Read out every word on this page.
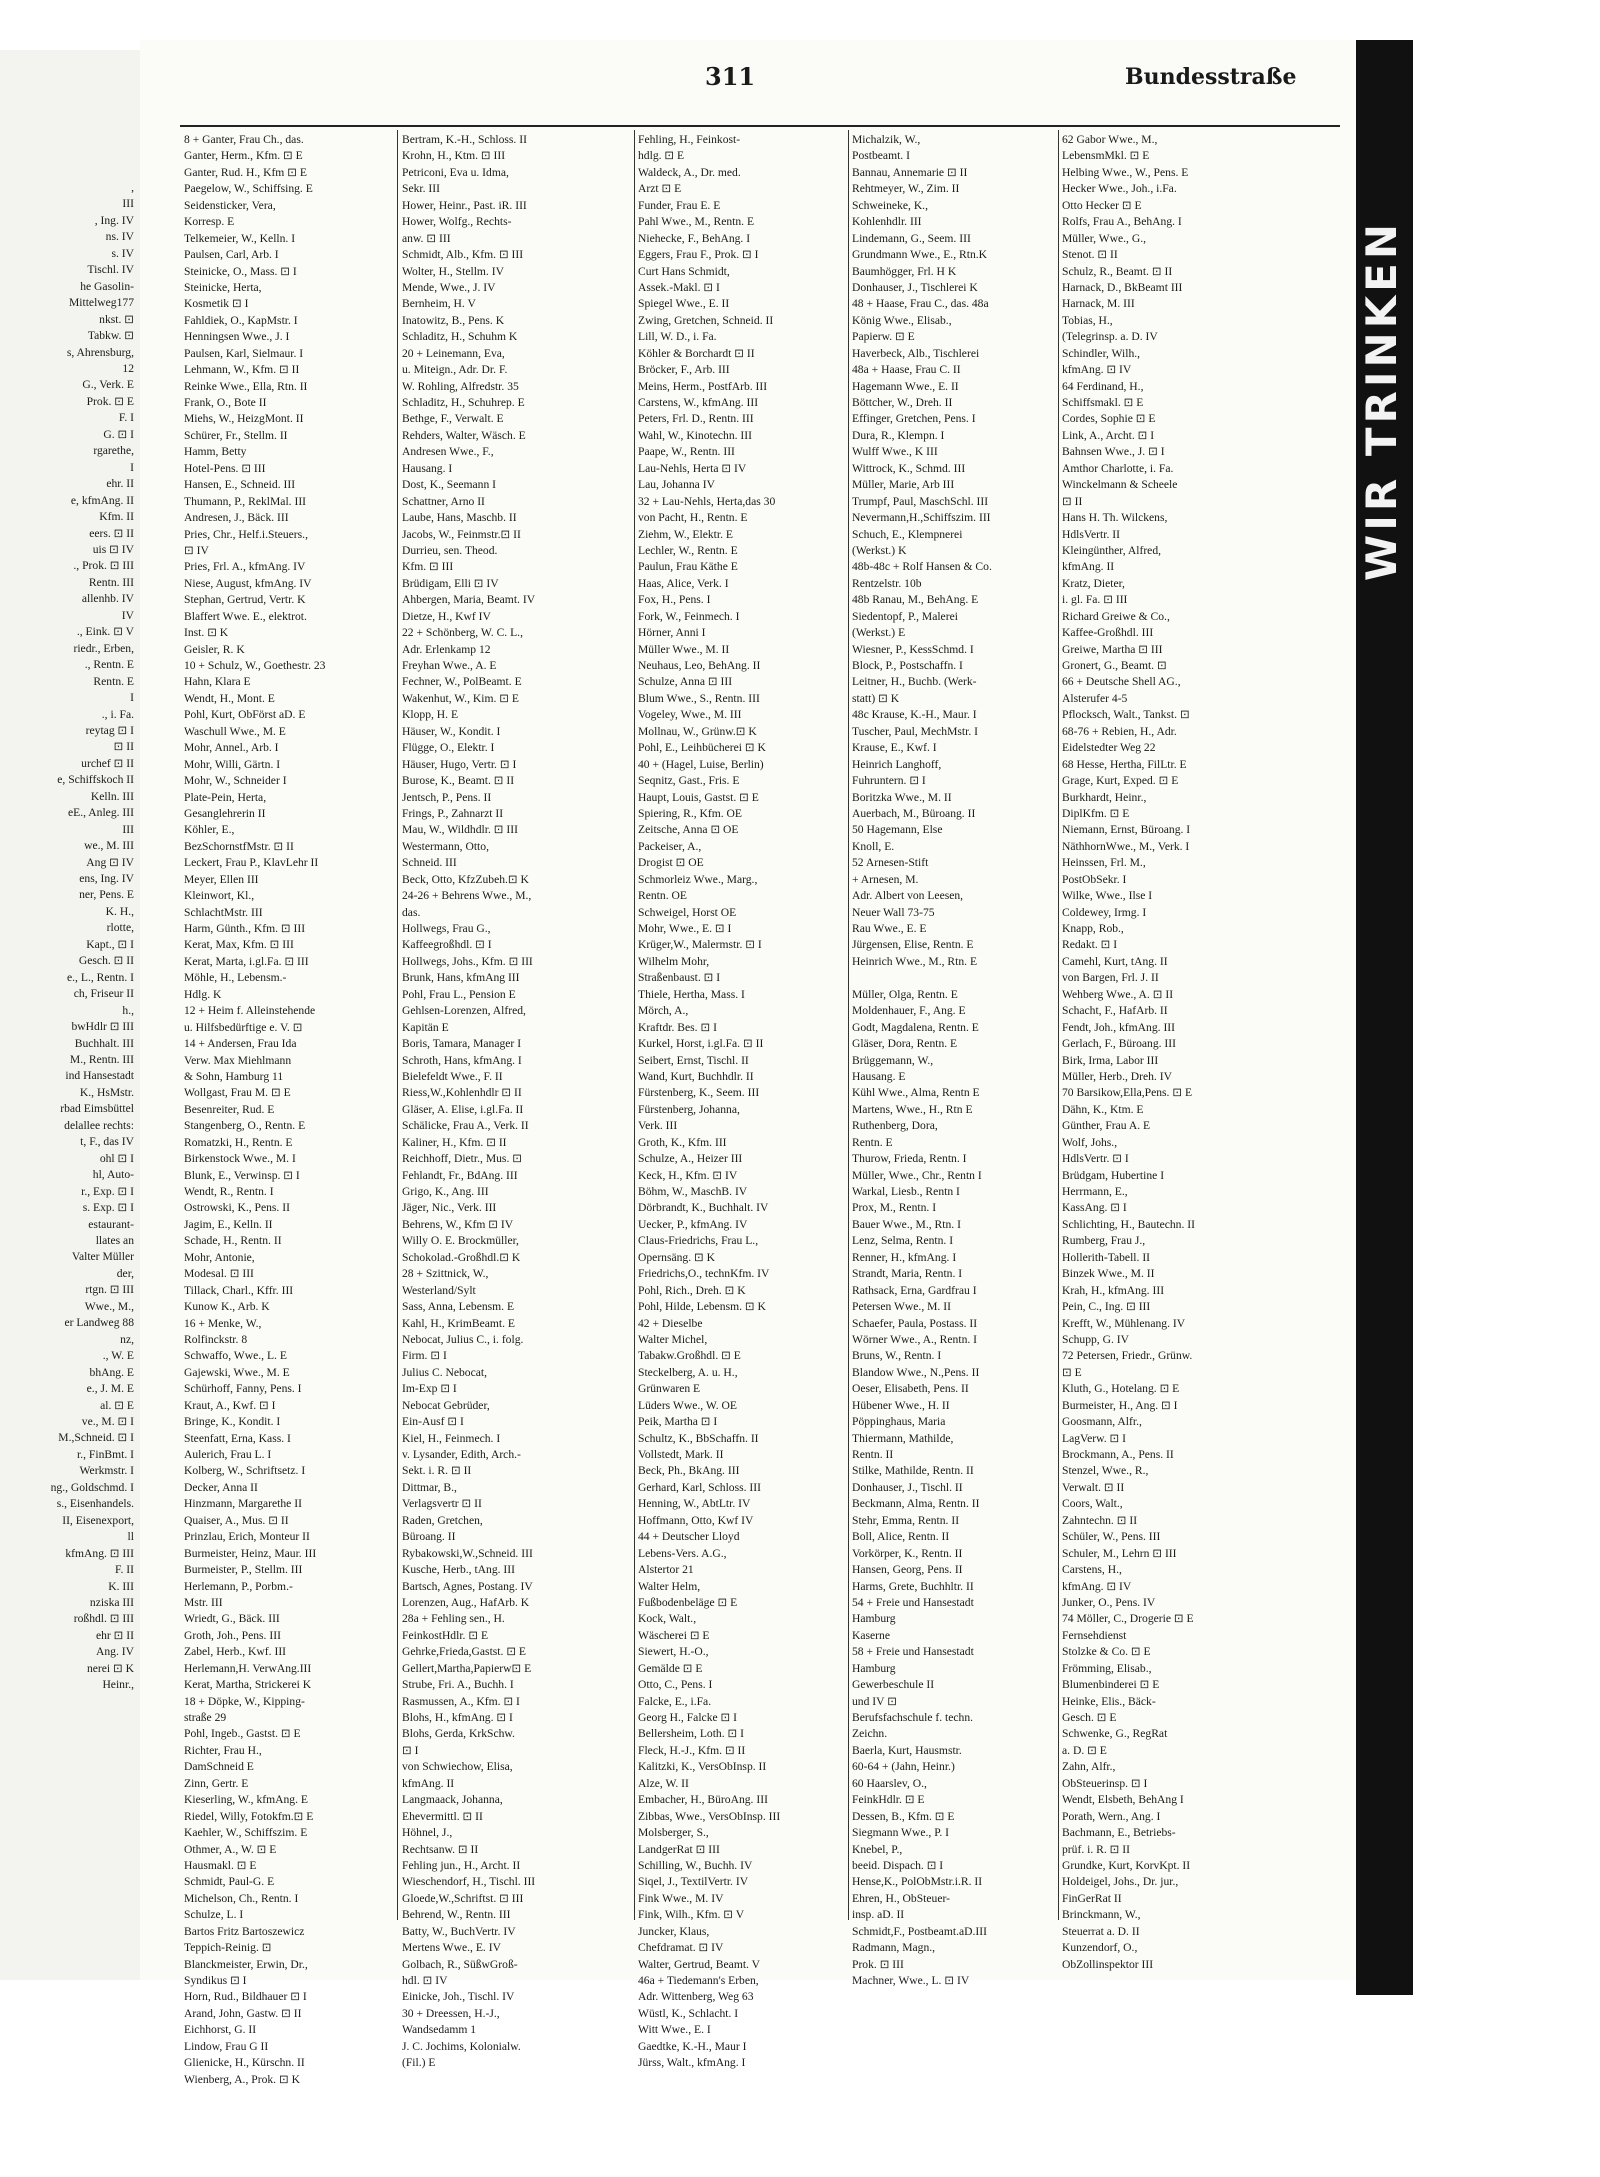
,
III
, Ing. IV
ns. IV
s. IV
Tischl. IV
he Gasolin-
Mittelweg177
nkst. ⊡
Tabkw. ⊡
s, Ahrensburg,
12
G., Verk. E
Prok. ⊡ E
F. I
G. ⊡ I
rgarethe,
I
ehr. II
e, kfmAng. II
Kfm. II
eers. ⊡ II
uis ⊡ IV
., Prok. ⊡ III
Rentn. III
allenhb. IV
IV
., Eink. ⊡ V
riedr., Erben,
., Rentn. E
Rentn. E
I
., i. Fa.
reytag ⊡ I
⊡ II
urchef ⊡ II
e, Schiffskoch II
Kelln. III
eE., Anleg. III
III
we., M. III
Ang ⊡ IV
ens, Ing. IV
ner, Pens. E
K. H.,
rlotte,
Kapt., ⊡ I
Gesch. ⊡ II
e., L., Rentn. I
ch, Friseur II
h.,
bwHdlr ⊡ III
Buchhalt. III
M., Rentn. III
ind Hansestadt
K., HsMstr.
rbad Eimsbüttel
delallee rechts:
t, F., das IV
ohl ⊡ I
hl, Auto-
r., Exp. ⊡ I
s. Exp. ⊡ I
estaurant-
llates an
Valter Müller
der,
rtgn. ⊡ III
Wwe., M.,
er Landweg 88
nz,
., W. E
bhAng. E
e., J. M. E
al. ⊡ E
ve., M. ⊡ I
M.,Schneid. ⊡ I
r., FinBmt. I
Werkmstr. I
ng., Goldschmd. I
s., Eisenhandels.
II, Eisenexport,
ll
kfmAng. ⊡ III
F. II
K. III
nziska III
roßhdl. ⊡ III
ehr ⊡ II
Ang. IV
nerei ⊡ K
Heinr.,
WIR TRINKEN
311	Bundesstraße
8 + Ganter, Frau Ch., das.
Ganter, Herm., Kfm. ⊡ E
Ganter, Rud. H., Kfm ⊡ E
Paegelow, W., Schiffsing. E
Seidensticker, Vera,
Korresp. E
Telkemeier, W., Kelln. I
Paulsen, Carl, Arb. I
Steinicke, O., Mass. ⊡ I
Steinicke, Herta,
Kosmetik ⊡ I
Fahldiek, O., KapMstr. I
Henningsen Wwe., J. I
Paulsen, Karl, Sielmaur. I
Lehmann, W., Kfm. ⊡ II
Reinke Wwe., Ella, Rtn. II
Frank, O., Bote II
Miehs, W., HeizgMont. II
Schürer, Fr., Stellm. II
Hamm, Betty
Hotel-Pens. ⊡ III
Hansen, E., Schneid. III
Thumann, P., ReklMal. III
Andresen, J., Bäck. III
Pries, Chr., Helf.i.Steuers.,
⊡ IV
Pries, Frl. A., kfmAng. IV
Niese, August, kfmAng. IV
Stephan, Gertrud, Vertr. K
Blaffert Wwe. E., elektrot.
Inst. ⊡ K
Geisler, R. K
10 + Schulz, W., Goethestr. 23
Hahn, Klara E
Wendt, H., Mont. E
Pohl, Kurt, ObFörst aD. E
Waschull Wwe., M. E
Mohr, Annel., Arb. I
Mohr, Willi, Gärtn. I
Mohr, W., Schneider I
Plate-Pein, Herta,
Gesanglehrerin II
Köhler, E.,
BezSchornstfMstr. ⊡ II
Leckert, Frau P., KlavLehr II
Meyer, Ellen III
Kleinwort, Kl.,
SchlachtMstr. III
Harm, Günth., Kfm. ⊡ III
Kerat, Max, Kfm. ⊡ III
Kerat, Marta, i.gl.Fa. ⊡ III
Möhle, H., Lebensm.-
Hdlg. K
12 + Heim f. Alleinstehende
u. Hilfsbedürftige e. V. ⊡
14 + Andersen, Frau Ida
Verw. Max Miehlmann
& Sohn, Hamburg 11
Wollgast, Frau M. ⊡ E
Besenreiter, Rud. E
Stangenberg, O., Rentn. E
Romatzki, H., Rentn. E
Birkenstock Wwe., M. I
Blunk, E., Verwinsp. ⊡ I
Wendt, R., Rentn. I
Ostrowski, K., Pens. II
Jagim, E., Kelln. II
Schade, H., Rentn. II
Mohr, Antonie,
Modesal. ⊡ III
Tillack, Charl., Kffr. III
Kunow K., Arb. K
16 + Menke, W.,
Rolfinckstr. 8
Schwaffo, Wwe., L. E
Gajewski, Wwe., M. E
Schürhoff, Fanny, Pens. I
Kraut, A., Kwf. ⊡ I
Bringe, K., Kondit. I
Steenfatt, Erna, Kass. I
Aulerich, Frau L. I
Kolberg, W., Schriftsetz. I
Decker, Anna II
Hinzmann, Margarethe II
Quaiser, A., Mus. ⊡ II
Prinzlau, Erich, Monteur II
Burmeister, Heinz, Maur. III
Burmeister, P., Stellm. III
Herlemann, P., Porbm.-
Mstr. III
Wriedt, G., Bäck. III
Groth, Joh., Pens. III
Zabel, Herb., Kwf. III
Herlemann,H. VerwAng.III
Kerat, Martha, Strickerei K
18 + Döpke, W., Kipping-
straße 29
Pohl, Ingeb., Gastst. ⊡ E
Richter, Frau H.,
DamSchneid E
Zinn, Gertr. E
Kieserling, W., kfmAng. E
Riedel, Willy, Fotokfm.⊡ E
Kaehler, W., Schiffszim. E
Othmer, A., W. ⊡ E
Hausmakl. ⊡ E
Schmidt, Paul-G. E
Michelson, Ch., Rentn. I
Schulze, L. I
Bartos Fritz Bartoszewicz
Teppich-Reinig. ⊡
Blanckmeister, Erwin, Dr.,
Syndikus ⊡ I
Horn, Rud., Bildhauer ⊡ I
Arand, John, Gastw. ⊡ II
Eichhorst, G. II
Lindow, Frau G II
Glienicke, H., Kürschn. II
Wienberg, A., Prok. ⊡ K
Bertram, K.-H., Schloss. II
Krohn, H., Ktm. ⊡ III
Petriconi, Eva u. Idma,
Sekr. III
Hower, Heinr., Past. iR. III
Hower, Wolfg., Rechts-
anw. ⊡ III
Schmidt, Alb., Kfm. ⊡ III
Wolter, H., Stellm. IV
Mende, Wwe., J. IV
Bernheim, H. V
Inatowitz, B., Pens. K
Schladitz, H., Schuhm K
20 + Leinemann, Eva,
u. Miteign., Adr. Dr. F.
W. Rohling, Alfredstr. 35
Schladitz, H., Schuhrep. E
Bethge, F., Verwalt. E
Rehders, Walter, Wäsch. E
Andresen Wwe., F.,
Hausang. I
Dost, K., Seemann I
Schattner, Arno II
Laube, Hans, Maschb. II
Jacobs, W., Feinmstr.⊡ II
Durrieu, sen. Theod.
Kfm. ⊡ III
Brüdigam, Elli ⊡ IV
Ahbergen, Maria, Beamt. IV
Dietze, H., Kwf IV
22 + Schönberg, W. C. L.,
Adr. Erlenkamp 12
Freyhan Wwe., A. E
Fechner, W., PolBeamt. E
Wakenhut, W., Kim. ⊡ E
Klopp, H. E
Häuser, W., Kondit. I
Flügge, O., Elektr. I
Häuser, Hugo, Vertr. ⊡ I
Burose, K., Beamt. ⊡ II
Jentsch, P., Pens. II
Frings, P., Zahnarzt II
Mau, W., Wildhdlr. ⊡ III
Westermann, Otto,
Schneid. III
Beck, Otto, KfzZubeh.⊡ K
24-26 + Behrens Wwe., M.,
das.
Hollwegs, Frau G.,
Kaffeegroßhdl. ⊡ I
Hollwegs, Johs., Kfm. ⊡ III
Brunk, Hans, kfmAng III
Pohl, Frau L., Pension E
Gehlsen-Lorenzen, Alfred,
Kapitän E
Boris, Tamara, Manager I
Schroth, Hans, kfmAng. I
Bielefeldt Wwe., F. II
Riess,W.,Kohlenhdlr ⊡ II
Gläser, A. Elise, i.gl.Fa. II
Schälicke, Frau A., Verk. II
Kaliner, H., Kfm. ⊡ II
Reichhoff, Dietr., Mus. ⊡
Fehlandt, Fr., BdAng. III
Grigo, K., Ang. III
Jäger, Nic., Verk. III
Behrens, W., Kfm ⊡ IV
Willy O. E. Brockmüller,
Schokolad.-Großhdl.⊡ K
28 + Szittnick, W.,
Westerland/Sylt
Sass, Anna, Lebensm. E
Kahl, H., KrimBeamt. E
Nebocat, Julius C., i. folg.
Firm. ⊡ I
Julius C. Nebocat,
Im-Exp ⊡ I
Nebocat Gebrüder,
Ein-Ausf ⊡ I
Kiel, H., Feinmech. I
v. Lysander, Edith, Arch.-
Sekt. i. R. ⊡ II
Dittmar, B.,
Verlagsvertr ⊡ II
Raden, Gretchen,
Büroang. II
Rybakowski,W.,Schneid. III
Kusche, Herb., tAng. III
Bartsch, Agnes, Postang. IV
Lorenzen, Aug., HafArb. K
28a + Fehling sen., H.
FeinkostHdlr. ⊡ E
Gehrke,Frieda,Gastst. ⊡ E
Gellert,Martha,Papierw⊡ E
Strube, Fri. A., Buchh. I
Rasmussen, A., Kfm. ⊡ I
Blohs, H., kfmAng. ⊡ I
Blohs, Gerda, KrkSchw.
⊡ I
von Schwiechow, Elisa,
kfmAng. II
Langmaack, Johanna,
Ehevermittl. ⊡ II
Höhnel, J.,
Rechtsanw. ⊡ II
Fehling jun., H., Archt. II
Wieschendorf, H., Tischl. III
Gloede,W.,Schriftst. ⊡ III
Behrend, W., Rentn. III
Batty, W., BuchVertr. IV
Mertens Wwe., E. IV
Golbach, R., SüßwGroß-
hdl. ⊡ IV
Einicke, Joh., Tischl. IV
30 + Dreessen, H.-J.,
Wandsedamm 1
J. C. Jochims, Kolonialw.
(Fil.) E
Fehling, H., Feinkost-
hdlg. ⊡ E
Waldeck, A., Dr. med.
Arzt ⊡ E
Funder, Frau E. E
Pahl Wwe., M., Rentn. E
Niehecke, F., BehAng. I
Eggers, Frau F., Prok. ⊡ I
Curt Hans Schmidt,
Assek.-Makl. ⊡ I
Spiegel Wwe., E. II
Zwing, Gretchen, Schneid. II
Lill, W. D., i. Fa.
Köhler & Borchardt ⊡ II
Bröcker, F., Arb. III
Meins, Herm., PostfArb. III
Carstens, W., kfmAng. III
Peters, Frl. D., Rentn. III
Wahl, W., Kinotechn. III
Paape, W., Rentn. III
Lau-Nehls, Herta ⊡ IV
Lau, Johanna IV
32 + Lau-Nehls, Herta,das 30
von Pacht, H., Rentn. E
Ziehm, W., Elektr. E
Lechler, W., Rentn. E
Paulun, Frau Käthe E
Haas, Alice, Verk. I
Fox, H., Pens. I
Fork, W., Feinmech. I
Hörner, Anni I
Müller Wwe., M. II
Neuhaus, Leo, BehAng. II
Schulze, Anna ⊡ III
Blum Wwe., S., Rentn. III
Vogeley, Wwe., M. III
Mollnau, W., Grünw.⊡ K
Pohl, E., Leihbücherei ⊡ K
40 + (Hagel, Luise, Berlin)
Seqnitz, Gast., Fris. E
Haupt, Louis, Gastst. ⊡ E
Spiering, R., Kfm. OE
Zeitsche, Anna ⊡ OE
Packeiser, A.,
Drogist ⊡ OE
Schmorleiz Wwe., Marg.,
Rentn. OE
Schweigel, Horst OE
Mohr, Wwe., E. ⊡ I
Krüger,W., Malermstr. ⊡ I
Wilhelm Mohr,
Straßenbaust. ⊡ I
Thiele, Hertha, Mass. I
Mörch, A.,
Kraftdr. Bes. ⊡ I
Kurkel, Horst, i.gl.Fa. ⊡ II
Seibert, Ernst, Tischl. II
Wand, Kurt, Buchhdlr. II
Fürstenberg, K., Seem. III
Fürstenberg, Johanna,
Verk. III
Groth, K., Kfm. III
Schulze, A., Heizer III
Keck, H., Kfm. ⊡ IV
Böhm, W., MaschB. IV
Dörbrandt, K., Buchhalt. IV
Uecker, P., kfmAng. IV
Claus-Friedrichs, Frau L.,
Opernsäng. ⊡ K
Friedrichs,O., technKfm. IV
Pohl, Rich., Dreh. ⊡ K
Pohl, Hilde, Lebensm. ⊡ K
42 + Dieselbe
Walter Michel,
Tabakw.Großhdl. ⊡ E
Steckelberg, A. u. H.,
Grünwaren E
Lüders Wwe., W. OE
Peik, Martha ⊡ I
Schultz, K., BbSchaffn. II
Vollstedt, Mark. II
Beck, Ph., BkAng. III
Gerhard, Karl, Schloss. III
Henning, W., AbtLtr. IV
Hoffmann, Otto, Kwf IV
44 + Deutscher Lloyd
Lebens-Vers. A.G.,
Alstertor 21
Walter Helm,
Fußbodenbeläge ⊡ E
Kock, Walt.,
Wäscherei ⊡ E
Siewert, H.-O.,
Gemälde ⊡ E
Otto, C., Pens. I
Falcke, E., i.Fa.
Georg H., Falcke ⊡ I
Bellersheim, Loth. ⊡ I
Fleck, H.-J., Kfm. ⊡ II
Kalitzki, K., VersObInsp. II
Alze, W. II
Embacher, H., BüroAng. III
Zibbas, Wwe., VersObInsp. III
Molsberger, S.,
LandgerRat ⊡ III
Schilling, W., Buchh. IV
Siqel, J., TextilVertr. IV
Fink Wwe., M. IV
Fink, Wilh., Kfm. ⊡ V
Juncker, Klaus,
Chefdramat. ⊡ IV
Walter, Gertrud, Beamt. V
46a + Tiedemann's Erben,
Adr. Wittenberg, Weg 63
Wüstl, K., Schlacht. I
Witt Wwe., E. I
Gaedtke, K.-H., Maur I
Jürss, Walt., kfmAng. I
Michalzik, W.,
Postbeamt. I
Bannau, Annemarie ⊡ II
Rehtmeyer, W., Zim. II
Schweineke, K.,
Kohlenhdlr. III
Lindemann, G., Seem. III
Grundmann Wwe., E., Rtn.K
Baumhögger, Frl. H K
Donhauser, J., Tischlerei K
48 + Haase, Frau C., das. 48a
König Wwe., Elisab.,
Papierw. ⊡ E
Haverbeck, Alb., Tischlerei
48a + Haase, Frau C. II
Hagemann Wwe., E. II
Böttcher, W., Dreh. II
Effinger, Gretchen, Pens. I
Dura, R., Klempn. I
Wulff Wwe., K III
Wittrock, K., Schmd. III
Müller, Marie, Arb III
Trumpf, Paul, MaschSchl. III
Nevermann,H.,Schiffszim. III
Schuch, E., Klempnerei
(Werkst.) K
48b-48c + Rolf Hansen & Co.
Rentzelstr. 10b
48b Ranau, M., BehAng. E
Siedentopf, P., Malerei
(Werkst.) E
Wiesner, P., KessSchmd. I
Block, P., Postschaffn. I
Leitner, H., Buchb. (Werk-
statt) ⊡ K
48c Krause, K.-H., Maur. I
Tuscher, Paul, MechMstr. I
Krause, E., Kwf. I
Heinrich Langhoff,
Fuhruntern. ⊡ I
Boritzka Wwe., M. II
Auerbach, M., Büroang. II
50 Hagemann, Else
Knoll, E.
52 Arnesen-Stift
+ Arnesen, M.
Adr. Albert von Leesen,
Neuer Wall 73-75
Rau Wwe., E. E
Jürgensen, Elise, Rentn. E
Heinrich Wwe., M., Rtn. E
Müller, Olga, Rentn. E
Moldenhauer, F., Ang. E
Godt, Magdalena, Rentn. E
Gläser, Dora, Rentn. E
Brüggemann, W.,
Hausang. E
Kühl Wwe., Alma, Rentn E
Martens, Wwe., H., Rtn E
Ruthenberg, Dora,
Rentn. E
Thurow, Frieda, Rentn. I
Müller, Wwe., Chr., Rentn I
Warkal, Liesb., Rentn I
Prox, M., Rentn. I
Bauer Wwe., M., Rtn. I
Lenz, Selma, Rentn. I
Renner, H., kfmAng. I
Strandt, Maria, Rentn. I
Rathsack, Erna, Gardfrau I
Petersen Wwe., M. II
Schaefer, Paula, Postass. II
Wörner Wwe., A., Rentn. I
Bruns, W., Rentn. I
Blandow Wwe., N.,Pens. II
Oeser, Elisabeth, Pens. II
Hübener Wwe., H. II
Pöppinghaus, Maria
Thiermann, Mathilde,
Rentn. II
Stilke, Mathilde, Rentn. II
Donhauser, J., Tischl. II
Beckmann, Alma, Rentn. II
Stehr, Emma, Rentn. II
Boll, Alice, Rentn. II
Vorkörper, K., Rentn. II
Hansen, Georg, Pens. II
Harms, Grete, Buchhltr. II
54 + Freie und Hansestadt
Hamburg
Kaserne
58 + Freie und Hansestadt
Hamburg
Gewerbeschule II
und IV ⊡
Berufsfachschule f. techn.
Zeichn.
Baerla, Kurt, Hausmstr.
60-64 + (Jahn, Heinr.)
60 Haarslev, O.,
FeinkHdlr. ⊡ E
Dessen, B., Kfm. ⊡ E
Siegmann Wwe., P. I
Knebel, P.,
beeid. Dispach. ⊡ I
Hense,K., PolObMstr.i.R. II
Ehren, H., ObSteuer-
insp. aD. II
Schmidt,F., Postbeamt.aD.III
Radmann, Magn.,
Prok. ⊡ III
Machner, Wwe., L. ⊡ IV
62 Gabor Wwe., M.,
LebensmMkl. ⊡ E
Helbing Wwe., W., Pens. E
Hecker Wwe., Joh., i.Fa.
Otto Hecker ⊡ E
Rolfs, Frau A., BehAng. I
Müller, Wwe., G.,
Stenot. ⊡ II
Schulz, R., Beamt. ⊡ II
Harnack, D., BkBeamt III
Harnack, M. III
Tobias, H.,
(Telegrinsp. a. D. IV
Schindler, Wilh.,
kfmAng. ⊡ IV
64 Ferdinand, H.,
Schiffsmakl. ⊡ E
Cordes, Sophie ⊡ E
Link, A., Archt. ⊡ I
Bahnsen Wwe., J. ⊡ I
Amthor Charlotte, i. Fa.
Winckelmann & Scheele
⊡ II
Hans H. Th. Wilckens,
HdlsVertr. II
Kleingünther, Alfred,
kfmAng. II
Kratz, Dieter,
i. gl. Fa. ⊡ III
Richard Greiwe & Co.,
Kaffee-Großhdl. III
Greiwe, Martha ⊡ III
Gronert, G., Beamt. ⊡
66 + Deutsche Shell AG.,
Alsterufer 4-5
Pflocksch, Walt., Tankst. ⊡
68-76 + Rebien, H., Adr.
Eidelstedter Weg 22
68 Hesse, Hertha, FilLtr. E
Grage, Kurt, Exped. ⊡ E
Burkhardt, Heinr.,
DiplKfm. ⊡ E
Niemann, Ernst, Büroang. I
NäthhornWwe., M., Verk. I
Heinssen, Frl. M.,
PostObSekr. I
Wilke, Wwe., Ilse I
Coldewey, Irmg. I
Knapp, Rob.,
Redakt. ⊡ I
Camehl, Kurt, tAng. II
von Bargen, Frl. J. II
Wehberg Wwe., A. ⊡ II
Schacht, F., HafArb. II
Fendt, Joh., kfmAng. III
Gerlach, F., Büroang. III
Birk, Irma, Labor III
Müller, Herb., Dreh. IV
70 Barsikow,Ella,Pens. ⊡ E
Dähn, K., Ktm. E
Günther, Frau A. E
Wolf, Johs.,
HdlsVertr. ⊡ I
Brüdgam, Hubertine I
Herrmann, E.,
KassAng. ⊡ I
Schlichting, H., Bautechn. II
Rumberg, Frau J.,
Hollerith-Tabell. II
Binzek Wwe., M. II
Krah, H., kfmAng. III
Pein, C., Ing. ⊡ III
Krefft, W., Mühlenang. IV
Schupp, G. IV
72 Petersen, Friedr., Grünw.
⊡ E
Kluth, G., Hotelang. ⊡ E
Burmeister, H., Ang. ⊡ I
Goosmann, Alfr.,
LagVerw. ⊡ I
Brockmann, A., Pens. II
Stenzel, Wwe., R.,
Verwalt. ⊡ II
Coors, Walt.,
Zahntechn. ⊡ II
Schüler, W., Pens. III
Schuler, M., Lehrn ⊡ III
Carstens, H.,
kfmAng. ⊡ IV
Junker, O., Pens. IV
74 Möller, C., Drogerie ⊡ E
Fernsehdienst
Stolzke & Co. ⊡ E
Frömming, Elisab.,
Blumenbinderei ⊡ E
Heinke, Elis., Bäck-
Gesch. ⊡ E
Schwenke, G., RegRat
a. D. ⊡ E
Zahn, Alfr.,
ObSteuerinsp. ⊡ I
Wendt, Elsbeth, BehAng I
Porath, Wern., Ang. I
Bachmann, E., Betriebs-
prüf. i. R. ⊡ II
Grundke, Kurt, KorvKpt. II
Holdeigel, Johs., Dr. jur.,
FinGerRat II
Brinckmann, W.,
Steuerrat a. D. II
Kunzendorf, O.,
ObZollinspektor III
